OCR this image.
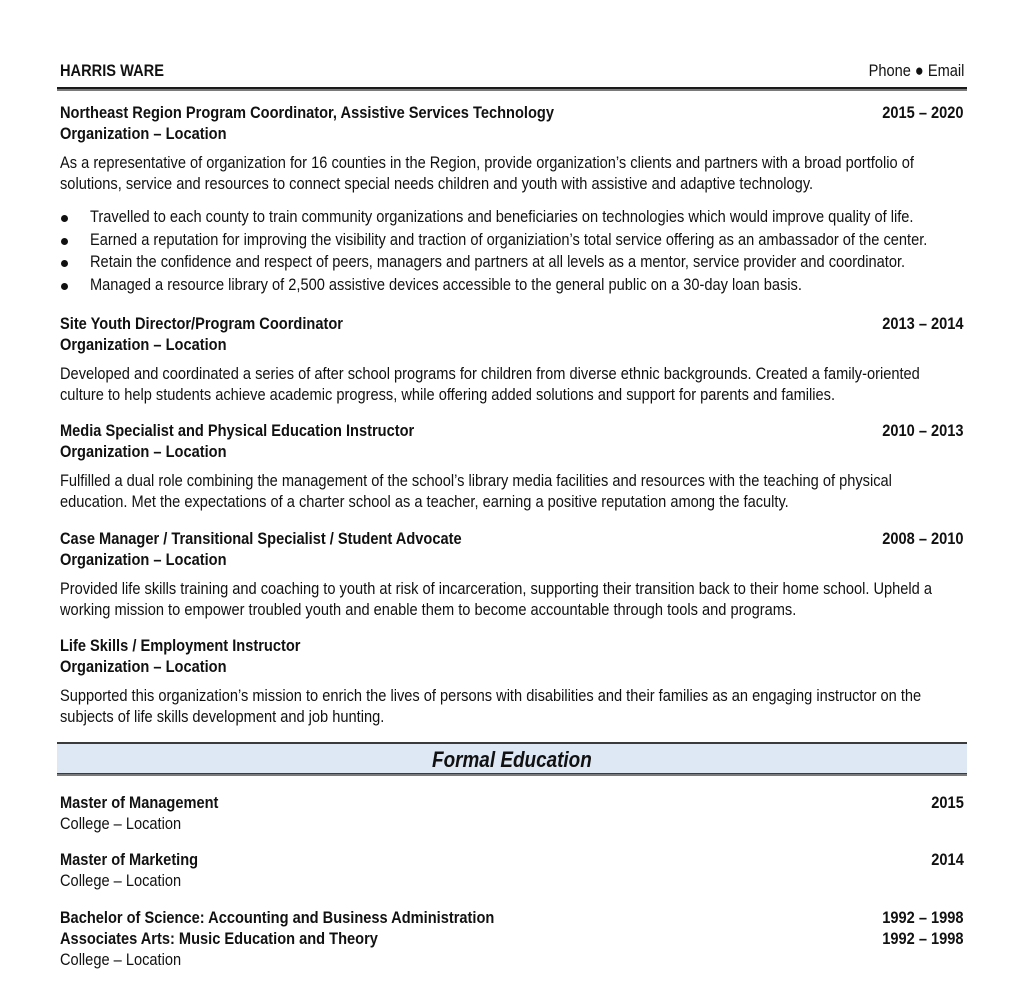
HARRIS WARE	Phone ● Email
Northeast Region Program Coordinator, Assistive Services Technology	2015 – 2020
Organization – Location
As a representative of organization for 16 counties in the Region, provide organization’s clients and partners with a broad portfolio of
solutions, service and resources to connect special needs children and youth with assistive and adaptive technology.
Travelled to each county to train community organizations and beneficiaries on technologies which would improve quality of life.
Earned a reputation for improving the visibility and traction of organiziation’s total service offering as an ambassador of the center.
Retain the confidence and respect of peers, managers and partners at all levels as a mentor, service provider and coordinator.
Managed a resource library of 2,500 assistive devices accessible to the general public on a 30-day loan basis.
Site Youth Director/Program Coordinator	2013 – 2014
Organization – Location
Developed and coordinated a series of after school programs for children from diverse ethnic backgrounds. Created a family-oriented
culture to help students achieve academic progress, while offering added solutions and support for parents and families.
Media Specialist and Physical Education Instructor	2010 – 2013
Organization – Location
Fulfilled a dual role combining the management of the school’s library media facilities and resources with the teaching of physical
education. Met the expectations of a charter school as a teacher, earning a positive reputation among the faculty.
Case Manager / Transitional Specialist / Student Advocate	2008 – 2010
Organization – Location
Provided life skills training and coaching to youth at risk of incarceration, supporting their transition back to their home school. Upheld a
working mission to empower troubled youth and enable them to become accountable through tools and programs.
Life Skills / Employment Instructor
Organization – Location
Supported this organization’s mission to enrich the lives of persons with disabilities and their families as an engaging instructor on the
subjects of life skills development and job hunting.
Formal Education
Master of Management	2015
College – Location
Master of Marketing	2014
College – Location
Bachelor of Science: Accounting and Business Administration	1992 – 1998
Associates Arts: Music Education and Theory	1992 – 1998
College – Location
